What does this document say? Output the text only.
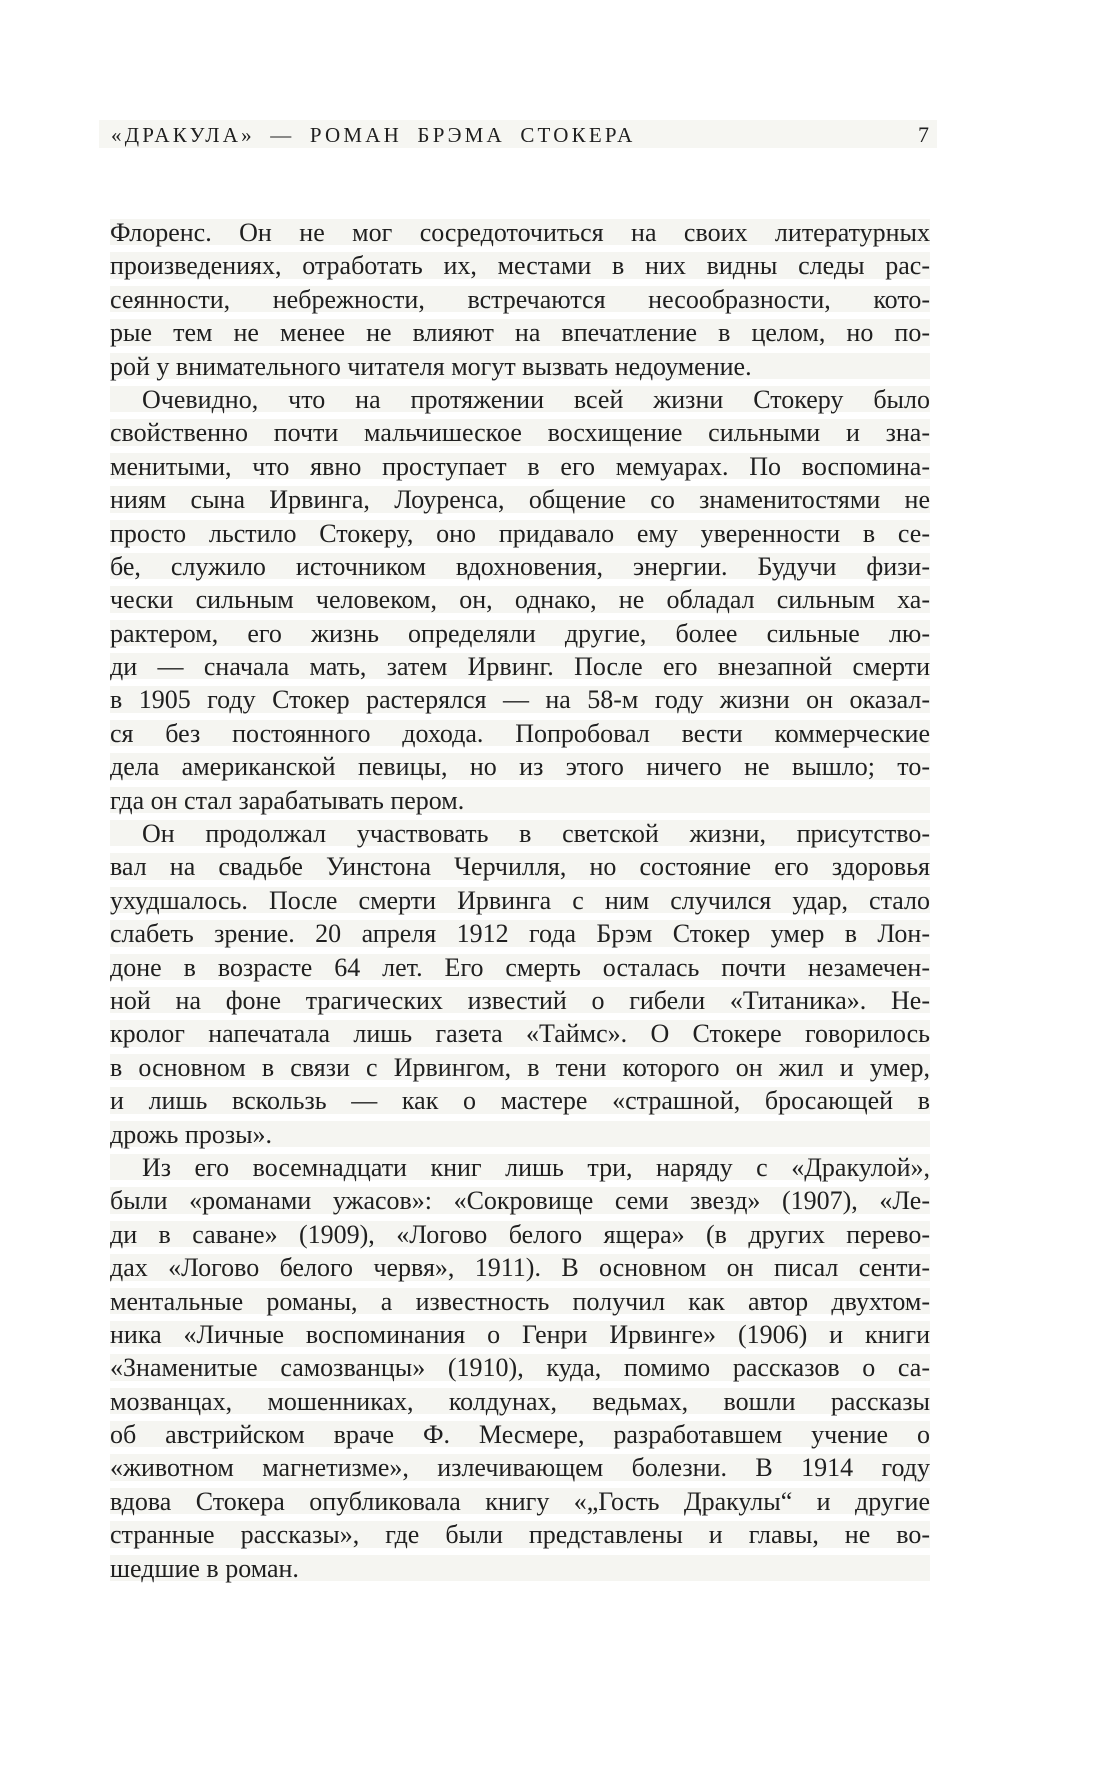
«ДРАКУЛА» — РОМАН БРЭМА СТОКЕРА	7
Флоренс. Он не мог сосредоточиться на своих литературных
произведениях, отработать их, местами в них видны следы рас-
сеянности, небрежности, встречаются несообразности, кото-
рые тем не менее не влияют на впечатление в целом, но по-
рой у внимательного читателя могут вызвать недоумение.
Очевидно, что на протяжении всей жизни Стокеру было
свойственно почти мальчишеское восхищение сильными и зна-
менитыми, что явно проступает в его мемуарах. По воспомина-
ниям сына Ирвинга, Лоуренса, общение со знаменитостями не
просто льстило Стокеру, оно придавало ему уверенности в се-
бе, служило источником вдохновения, энергии. Будучи физи-
чески сильным человеком, он, однако, не обладал сильным ха-
рактером, его жизнь определяли другие, более сильные лю-
ди — сначала мать, затем Ирвинг. После его внезапной смерти
в 1905 году Стокер растерялся — на 58-м году жизни он оказал-
ся без постоянного дохода. Попробовал вести коммерческие
дела американской певицы, но из этого ничего не вышло; то-
гда он стал зарабатывать пером.
Он продолжал участвовать в светской жизни, присутство-
вал на свадьбе Уинстона Черчилля, но состояние его здоровья
ухудшалось. После смерти Ирвинга с ним случился удар, стало
слабеть зрение. 20 апреля 1912 года Брэм Стокер умер в Лон-
доне в возрасте 64 лет. Его смерть осталась почти незамечен-
ной на фоне трагических известий о гибели «Титаника». Не-
кролог напечатала лишь газета «Таймс». О Стокере говорилось
в основном в связи с Ирвингом, в тени которого он жил и умер,
и лишь вскользь — как о мастере «страшной, бросающей в
дрожь прозы».
Из его восемнадцати книг лишь три, наряду с «Дракулой»,
были «романами ужасов»: «Сокровище семи звезд» (1907), «Ле-
ди в саване» (1909), «Логово белого ящера» (в других перево-
дах «Логово белого червя», 1911). В основном он писал сенти-
ментальные романы, а известность получил как автор двухтом-
ника «Личные воспоминания о Генри Ирвинге» (1906) и книги
«Знаменитые самозванцы» (1910), куда, помимо рассказов о са-
мозванцах, мошенниках, колдунах, ведьмах, вошли рассказы
об австрийском враче Ф. Месмере, разработавшем учение о
«животном магнетизме», излечивающем болезни. В 1914 году
вдова Стокера опубликовала книгу «„Гость Дракулы“ и другие
странные рассказы», где были представлены и главы, не во-
шедшие в роман.
